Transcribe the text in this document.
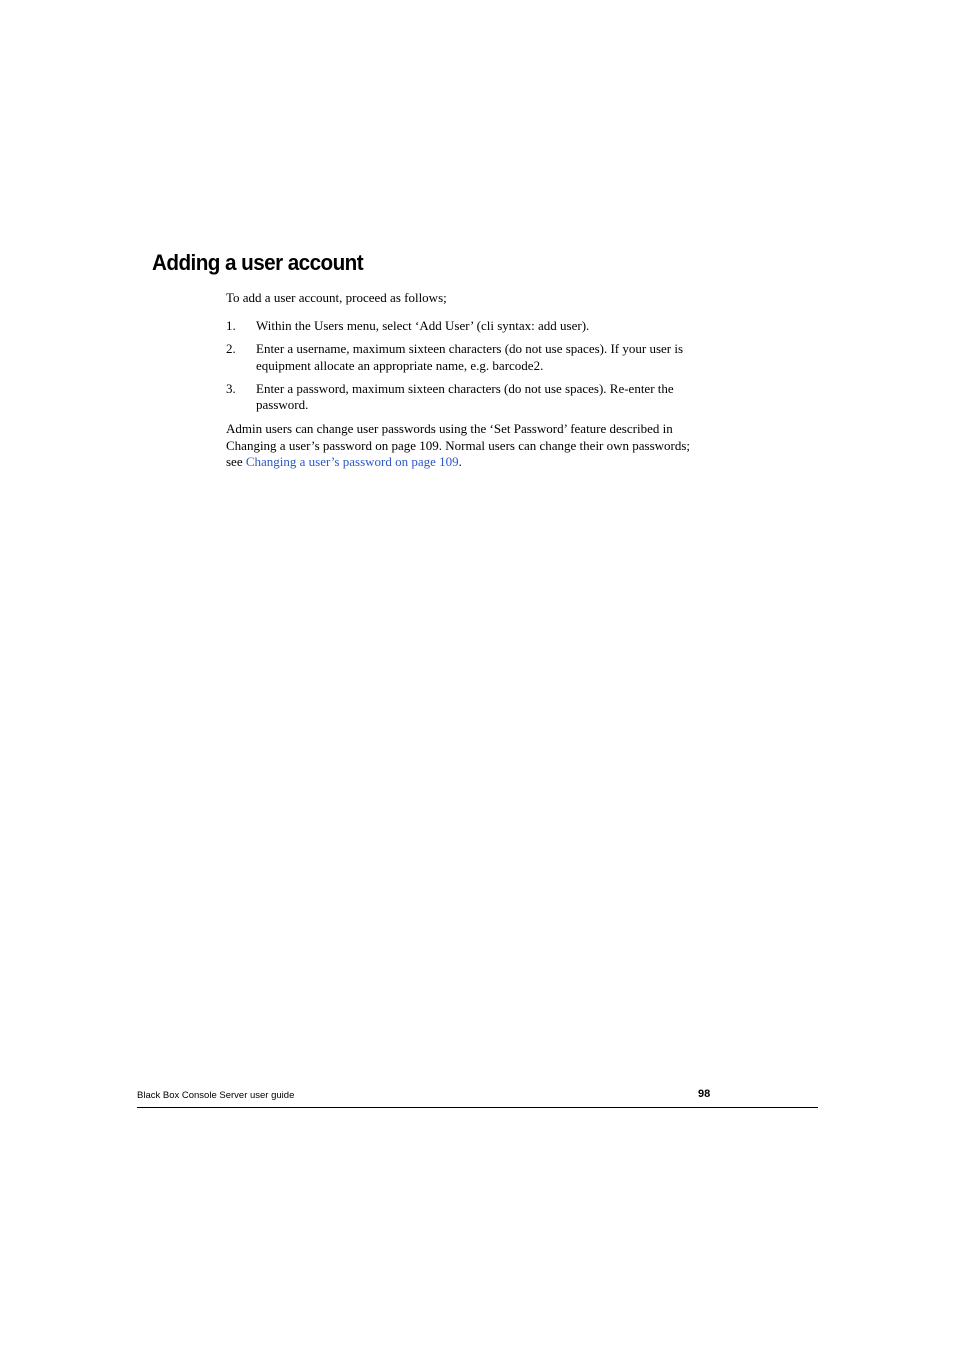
Adding a user account

To add a user account, proceed as follows;

1. Within the Users menu, select ‘Add User’ (cli syntax: add user).
2. Enter a username, maximum sixteen characters (do not use spaces). If your user is equipment allocate an appropriate name, e.g. barcode2.
3. Enter a password, maximum sixteen characters (do not use spaces). Re-enter the password.

Admin users can change user passwords using the ‘Set Password’ feature described in Changing a user’s password on page 109. Normal users can change their own passwords; see Changing a user’s password on page 109.

Black Box Console Server user guide	98
